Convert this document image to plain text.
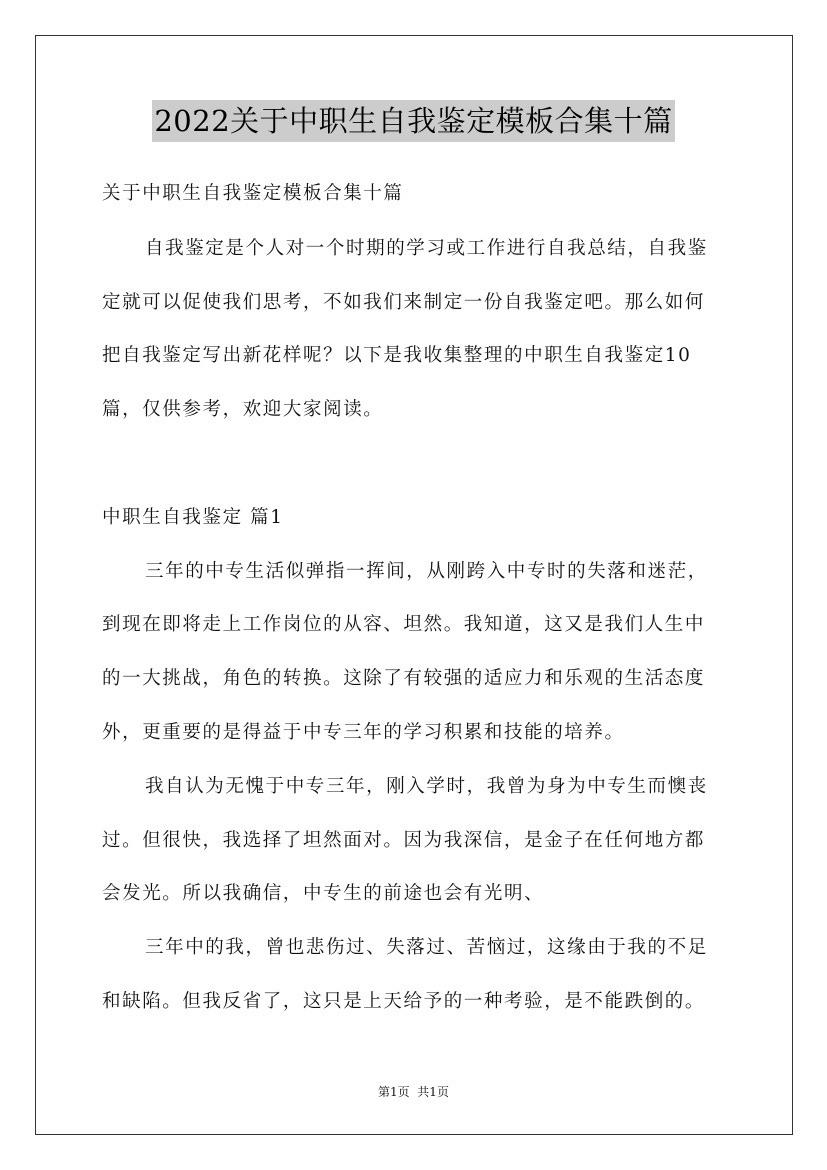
2022关于中职生自我鉴定模板合集十篇
关于中职生自我鉴定模板合集十篇
自我鉴定是个人对一个时期的学习或工作进行自我总结，自我鉴
定就可以促使我们思考，不如我们来制定一份自我鉴定吧。那么如何
把自我鉴定写出新花样呢？以下是我收集整理的中职生自我鉴定10
篇，仅供参考，欢迎大家阅读。
中职生自我鉴定 篇1
三年的中专生活似弹指一挥间，从刚跨入中专时的失落和迷茫，
到现在即将走上工作岗位的从容、坦然。我知道，这又是我们人生中
的一大挑战，角色的转换。这除了有较强的适应力和乐观的生活态度
外，更重要的是得益于中专三年的学习积累和技能的培养。
我自认为无愧于中专三年，刚入学时，我曾为身为中专生而懊丧
过。但很快，我选择了坦然面对。因为我深信，是金子在任何地方都
会发光。所以我确信，中专生的前途也会有光明、
三年中的我，曾也悲伤过、失落过、苦恼过，这缘由于我的不足
和缺陷。但我反省了，这只是上天给予的一种考验，是不能跌倒的。
第1页  共1页
